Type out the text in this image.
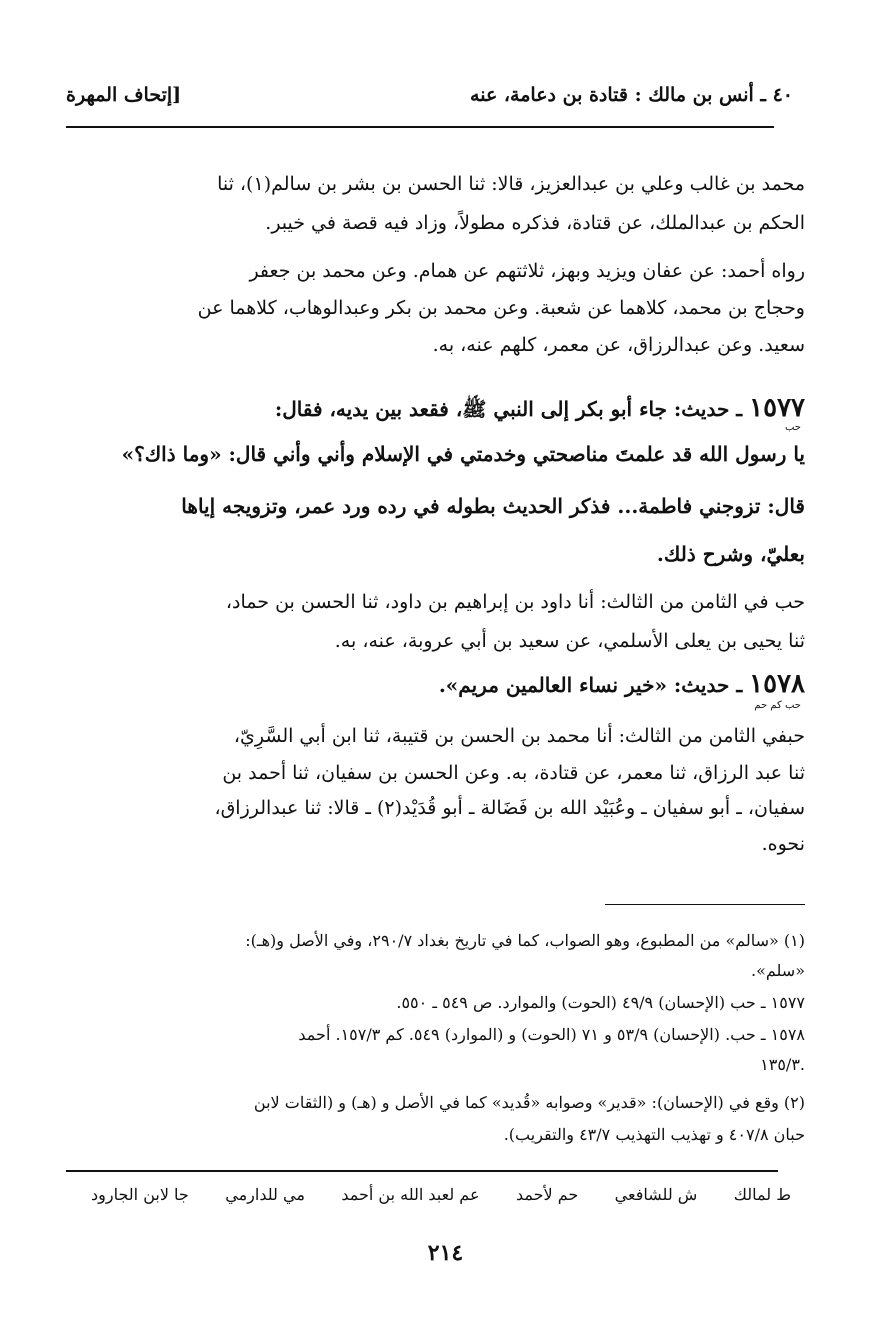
٤٠ ـ أنس بن مالك : قتادة بن دعامة، عنه
[إتحاف المهرة
محمد بن غالب وعلي بن عبدالعزيز، قالا: ثنا الحسن بن بشر بن سالم(١)، ثنا
الحكم بن عبدالملك، عن قتادة، فذكره مطولاً، وزاد فيه قصة في خيبر.
رواه أحمد: عن عفان ويزيد وبهز، ثلاثتهم عن همام. وعن محمد بن جعفر
وحجاج بن محمد، كلاهما عن شعبة. وعن محمد بن بكر وعبدالوهاب، كلاهما عن
سعيد. وعن عبدالرزاق، عن معمر، كلهم عنه، به.
١٥٧٧ ـ حديث: جاء أبو بكر إلى النبي ﷺ، فقعد بين يديه، فقال:
حب
يا رسول الله قد علمتَ مناصحتي وخدمتي في الإسلام وأني وأني قال: «وما ذاك؟»
قال: تزوجني فاطمة... فذكر الحديث بطوله في رده ورد عمر، وتزويجه إياها
بعليّ، وشرح ذلك.
حب في الثامن من الثالث: أنا داود بن إبراهيم بن داود، ثنا الحسن بن حماد،
ثنا يحيى بن يعلى الأسلمي، عن سعيد بن أبي عروبة، عنه، به.
١٥٧٨ ـ حديث: «خير نساء العالمين مريم».
حب كم حم
حبفي الثامن من الثالث: أنا محمد بن الحسن بن قتيبة، ثنا ابن أبي السَّرِيّ،
ثنا عبد الرزاق، ثنا معمر، عن قتادة، به. وعن الحسن بن سفيان، ثنا أحمد بن
سفيان، ـ أبو سفيان ـ وعُبَيْد الله بن فَضَالة ـ أبو قُدَيْد(٢) ـ قالا: ثنا عبدالرزاق،
نحوه.
(١) «سالم» من المطبوع، وهو الصواب، كما في تاريخ بغداد ٢٩٠/٧، وفي الأصل و(هـ):
«سلم».
١٥٧٧ ـ حب (الإحسان) ٤٩/٩ (الحوت) والموارد. ص ٥٤٩ ـ ٥٥٠.
١٥٧٨ ـ حب. (الإحسان) ٥٣/٩ و ٧١ (الحوت) و (الموارد) ٥٤٩. كم ١٥٧/٣. أحمد
١٣٥/٣.
(٢) وقع في (الإحسان): «قدير» وصوابه «قُديد» كما في الأصل و (هـ) و (الثقات لابن
حبان ٤٠٧/٨ و تهذيب التهذيب ٤٣/٧ والتقريب).
ط لمالك
ش للشافعي
حم لأحمد
عم لعبد الله بن أحمد
مي للدارمي
جا لابن الجارود
٢١٤
